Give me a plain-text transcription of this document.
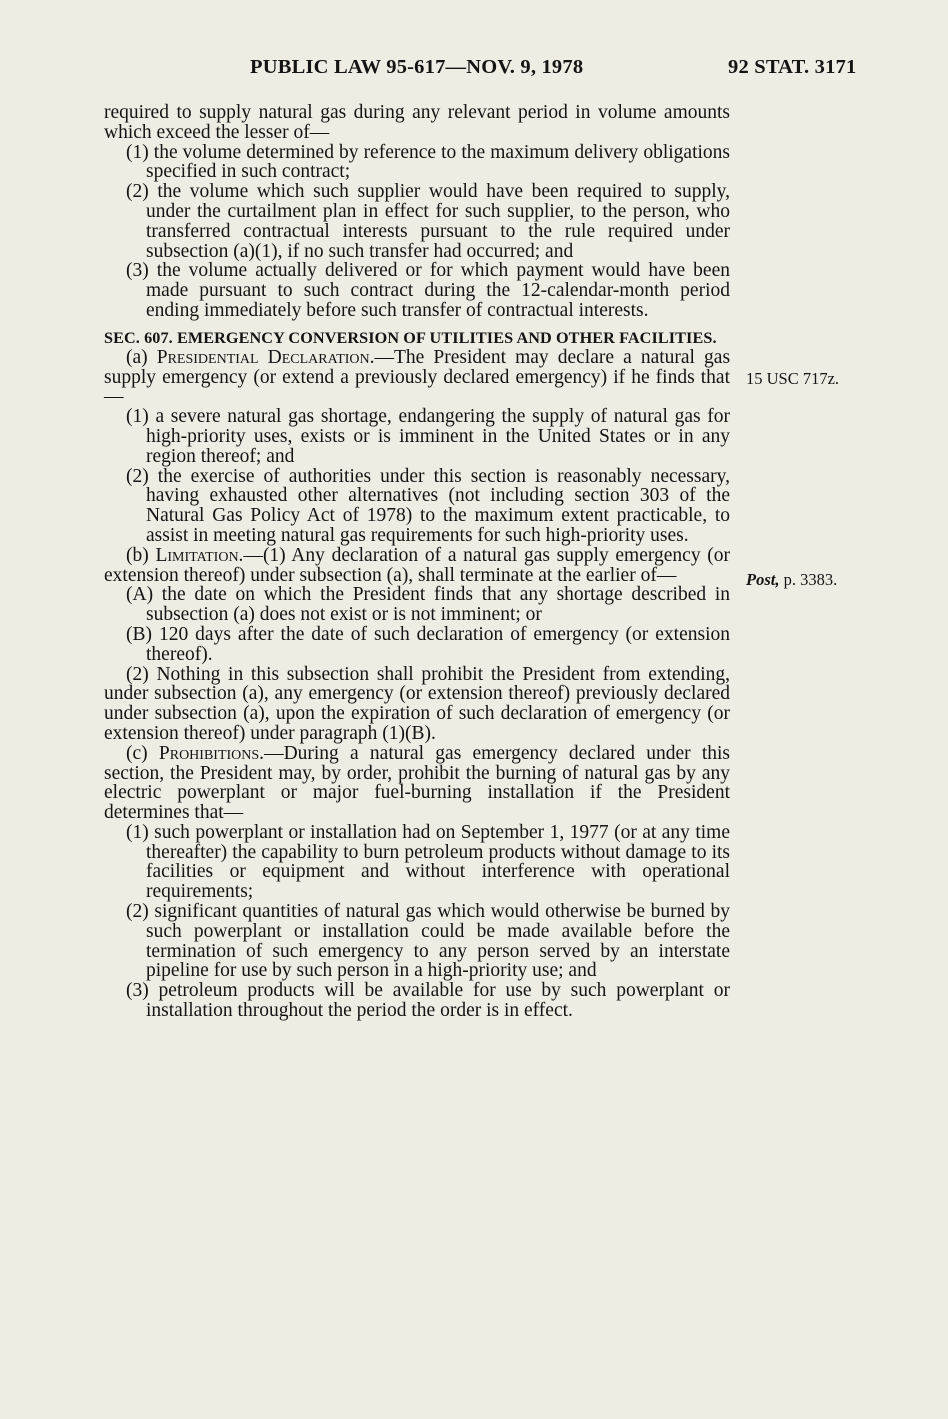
PUBLIC LAW 95-617—NOV. 9, 1978	92 STAT. 3171

required to supply natural gas during any relevant period in volume amounts which exceed the lesser of—

(1) the volume determined by reference to the maximum delivery obligations specified in such contract;

(2) the volume which such supplier would have been required to supply, under the curtailment plan in effect for such supplier, to the person, who transferred contractual interests pursuant to the rule required under subsection (a)(1), if no such transfer had occurred; and

(3) the volume actually delivered or for which payment would have been made pursuant to such contract during the 12-calendar-month period ending immediately before such transfer of contractual interests.

SEC. 607. EMERGENCY CONVERSION OF UTILITIES AND OTHER FACILITIES.

(a) Presidential Declaration.—The President may declare a natural gas supply emergency (or extend a previously declared emergency) if he finds that—

(1) a severe natural gas shortage, endangering the supply of natural gas for high-priority uses, exists or is imminent in the United States or in any region thereof; and

(2) the exercise of authorities under this section is reasonably necessary, having exhausted other alternatives (not including section 303 of the Natural Gas Policy Act of 1978) to the maximum extent practicable, to assist in meeting natural gas requirements for such high-priority uses.

(b) Limitation.—(1) Any declaration of a natural gas supply emergency (or extension thereof) under subsection (a), shall terminate at the earlier of—

(A) the date on which the President finds that any shortage described in subsection (a) does not exist or is not imminent; or

(B) 120 days after the date of such declaration of emergency (or extension thereof).

(2) Nothing in this subsection shall prohibit the President from extending, under subsection (a), any emergency (or extension thereof) previously declared under subsection (a), upon the expiration of such declaration of emergency (or extension thereof) under paragraph (1)(B).

(c) Prohibitions.—During a natural gas emergency declared under this section, the President may, by order, prohibit the burning of natural gas by any electric powerplant or major fuel-burning installation if the President determines that—

(1) such powerplant or installation had on September 1, 1977 (or at any time thereafter) the capability to burn petroleum products without damage to its facilities or equipment and without interference with operational requirements;

(2) significant quantities of natural gas which would otherwise be burned by such powerplant or installation could be made available before the termination of such emergency to any person served by an interstate pipeline for use by such person in a high-priority use; and

(3) petroleum products will be available for use by such powerplant or installation throughout the period the order is in effect.

15 USC 717z.
Post, p. 3383.
